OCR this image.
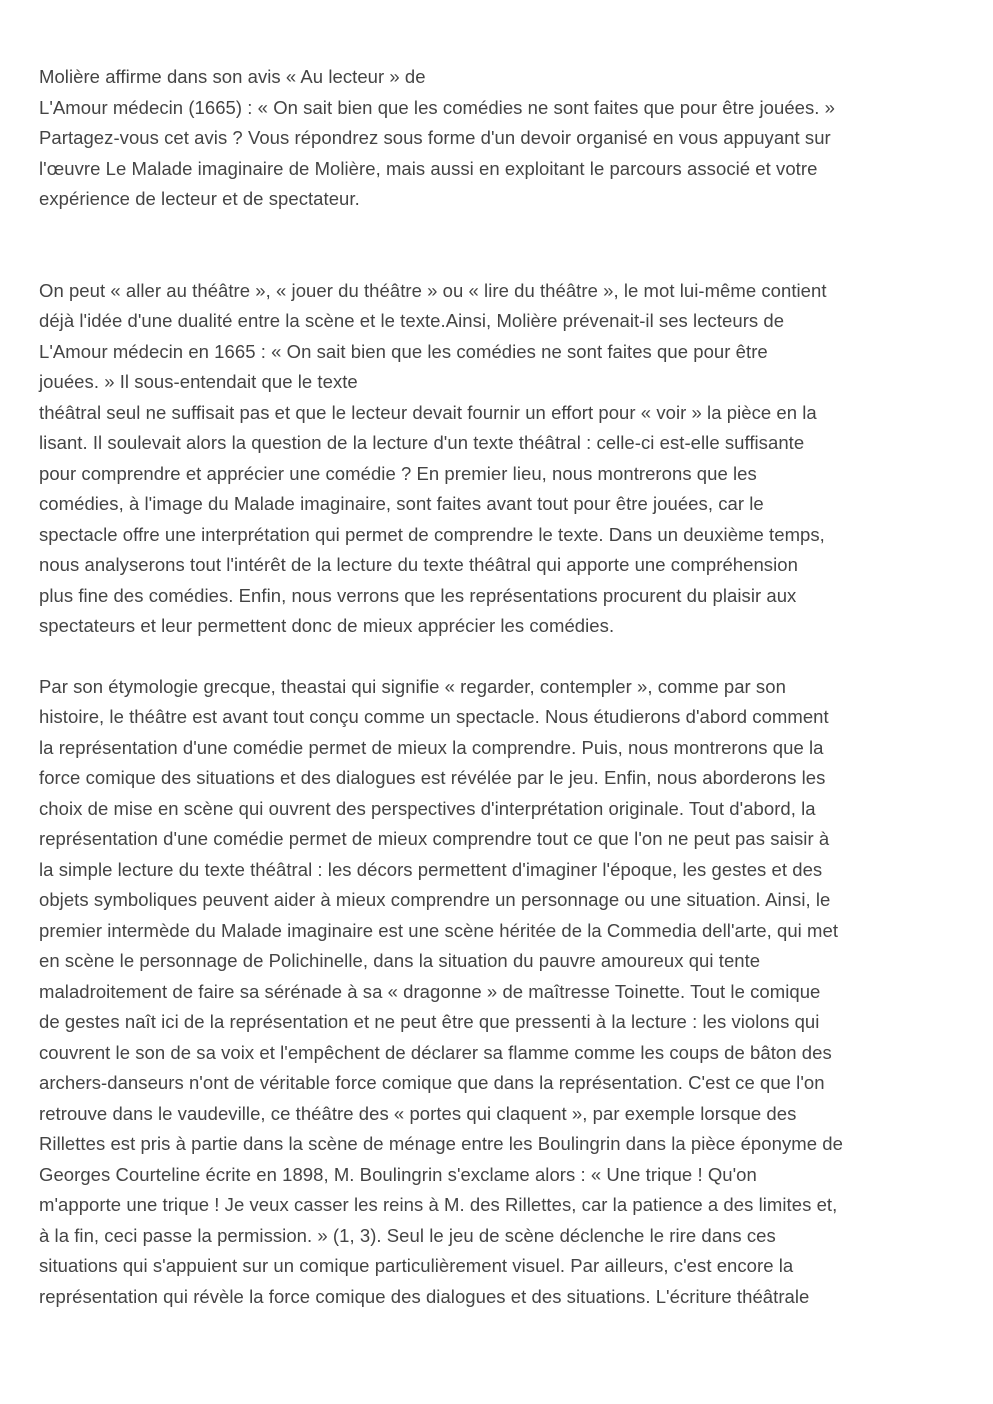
Molière affirme dans son avis « Au lecteur » de
L'Amour médecin (1665) : « On sait bien que les comédies ne sont faites que pour être jouées. »
Partagez-vous cet avis ? Vous répondrez sous forme d'un devoir organisé en vous appuyant sur
l'œuvre Le Malade imaginaire de Molière, mais aussi en exploitant le parcours associé et votre
expérience de lecteur et de spectateur.

On peut « aller au théâtre », « jouer du théâtre » ou « lire du théâtre », le mot lui-même contient
déjà l'idée d'une dualité entre la scène et le texte.Ainsi, Molière prévenait-il ses lecteurs de
L'Amour médecin en 1665 : « On sait bien que les comédies ne sont faites que pour être
jouées. » Il sous-entendait que le texte
théâtral seul ne suffisait pas et que le lecteur devait fournir un effort pour « voir » la pièce en la
lisant. Il soulevait alors la question de la lecture d'un texte théâtral : celle-ci est-elle suffisante
pour comprendre et apprécier une comédie ? En premier lieu, nous montrerons que les
comédies, à l'image du Malade imaginaire, sont faites avant tout pour être jouées, car le
spectacle offre une interprétation qui permet de comprendre le texte. Dans un deuxième temps,
nous analyserons tout l'intérêt de la lecture du texte théâtral qui apporte une compréhension
plus fine des comédies. Enfin, nous verrons que les représentations procurent du plaisir aux
spectateurs et leur permettent donc de mieux apprécier les comédies.

Par son étymologie grecque, theastai qui signifie « regarder, contempler », comme par son
histoire, le théâtre est avant tout conçu comme un spectacle. Nous étudierons d'abord comment
la représentation d'une comédie permet de mieux la comprendre. Puis, nous montrerons que la
force comique des situations et des dialogues est révélée par le jeu. Enfin, nous aborderons les
choix de mise en scène qui ouvrent des perspectives d'interprétation originale. Tout d'abord, la
représentation d'une comédie permet de mieux comprendre tout ce que l'on ne peut pas saisir à
la simple lecture du texte théâtral : les décors permettent d'imaginer l'époque, les gestes et des
objets symboliques peuvent aider à mieux comprendre un personnage ou une situation. Ainsi, le
premier intermède du Malade imaginaire est une scène héritée de la Commedia dell'arte, qui met
en scène le personnage de Polichinelle, dans la situation du pauvre amoureux qui tente
maladroitement de faire sa sérénade à sa « dragonne » de maîtresse Toinette. Tout le comique
de gestes naît ici de la représentation et ne peut être que pressenti à la lecture : les violons qui
couvrent le son de sa voix et l'empêchent de déclarer sa flamme comme les coups de bâton des
archers-danseurs n'ont de véritable force comique que dans la représentation. C'est ce que l'on
retrouve dans le vaudeville, ce théâtre des « portes qui claquent », par exemple lorsque des
Rillettes est pris à partie dans la scène de ménage entre les Boulingrin dans la pièce éponyme de
Georges Courteline écrite en 1898, M. Boulingrin s'exclame alors : « Une trique ! Qu'on
m'apporte une trique ! Je veux casser les reins à M. des Rillettes, car la patience a des limites et,
à la fin, ceci passe la permission. » (1, 3). Seul le jeu de scène déclenche le rire dans ces
situations qui s'appuient sur un comique particulièrement visuel. Par ailleurs, c'est encore la
représentation qui révèle la force comique des dialogues et des situations. L'écriture théâtrale
